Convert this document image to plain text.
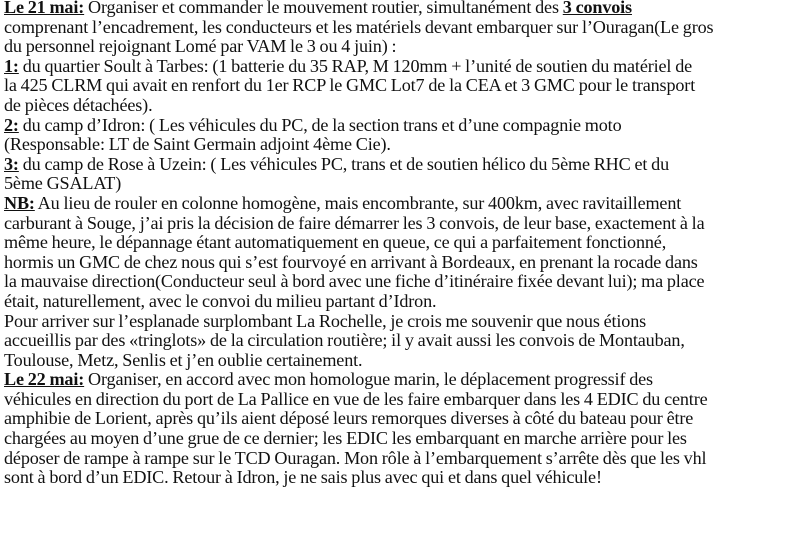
Le 21 mai: Organiser et commander le mouvement routier, simultanément des 3 convois
comprenant l’encadrement, les conducteurs et les matériels devant embarquer sur l’Ouragan(Le gros
du personnel rejoignant Lomé par VAM le 3 ou 4 juin) :
1: du quartier Soult à Tarbes: (1 batterie du 35 RAP, M 120mm + l’unité de soutien du matériel de
la 425 CLRM qui avait en renfort du 1er RCP le GMC Lot7 de la CEA et 3 GMC pour le transport
de pièces détachées).
2: du camp d’Idron: ( Les véhicules du PC, de la section trans et d’une compagnie moto
(Responsable: LT de Saint Germain adjoint 4ème Cie).
3: du camp de Rose à Uzein: ( Les véhicules PC, trans et de soutien hélico du 5ème RHC et du
5ème GSALAT)
NB: Au lieu de rouler en colonne homogène, mais encombrante, sur 400km, avec ravitaillement
carburant à Souge, j’ai pris la décision de faire démarrer les 3 convois, de leur base, exactement à la
même heure, le dépannage étant automatiquement en queue, ce qui a parfaitement fonctionné,
hormis un GMC de chez nous qui s’est fourvoyé en arrivant à Bordeaux, en prenant la rocade dans
la mauvaise direction(Conducteur seul à bord avec une fiche d’itinéraire fixée devant lui); ma place
était, naturellement, avec le convoi du milieu partant d’Idron.
Pour arriver sur l’esplanade surplombant La Rochelle, je crois me souvenir que nous étions
accueillis par des «tringlots» de la circulation routière; il y avait aussi les convois de Montauban,
Toulouse, Metz, Senlis et j’en oublie certainement.
Le 22 mai: Organiser, en accord avec mon homologue marin, le déplacement progressif des
véhicules en direction du port de La Pallice en vue de les faire embarquer dans les 4 EDIC du centre
amphibie de Lorient, après qu’ils aient déposé leurs remorques diverses à côté du bateau pour être
chargées au moyen d’une grue de ce dernier; les EDIC les embarquant en marche arrière pour les
déposer de rampe à rampe sur le TCD Ouragan. Mon rôle à l’embarquement s’arrête dès que les vhl
sont à bord d’un EDIC. Retour à Idron, je ne sais plus avec qui et dans quel véhicule!
